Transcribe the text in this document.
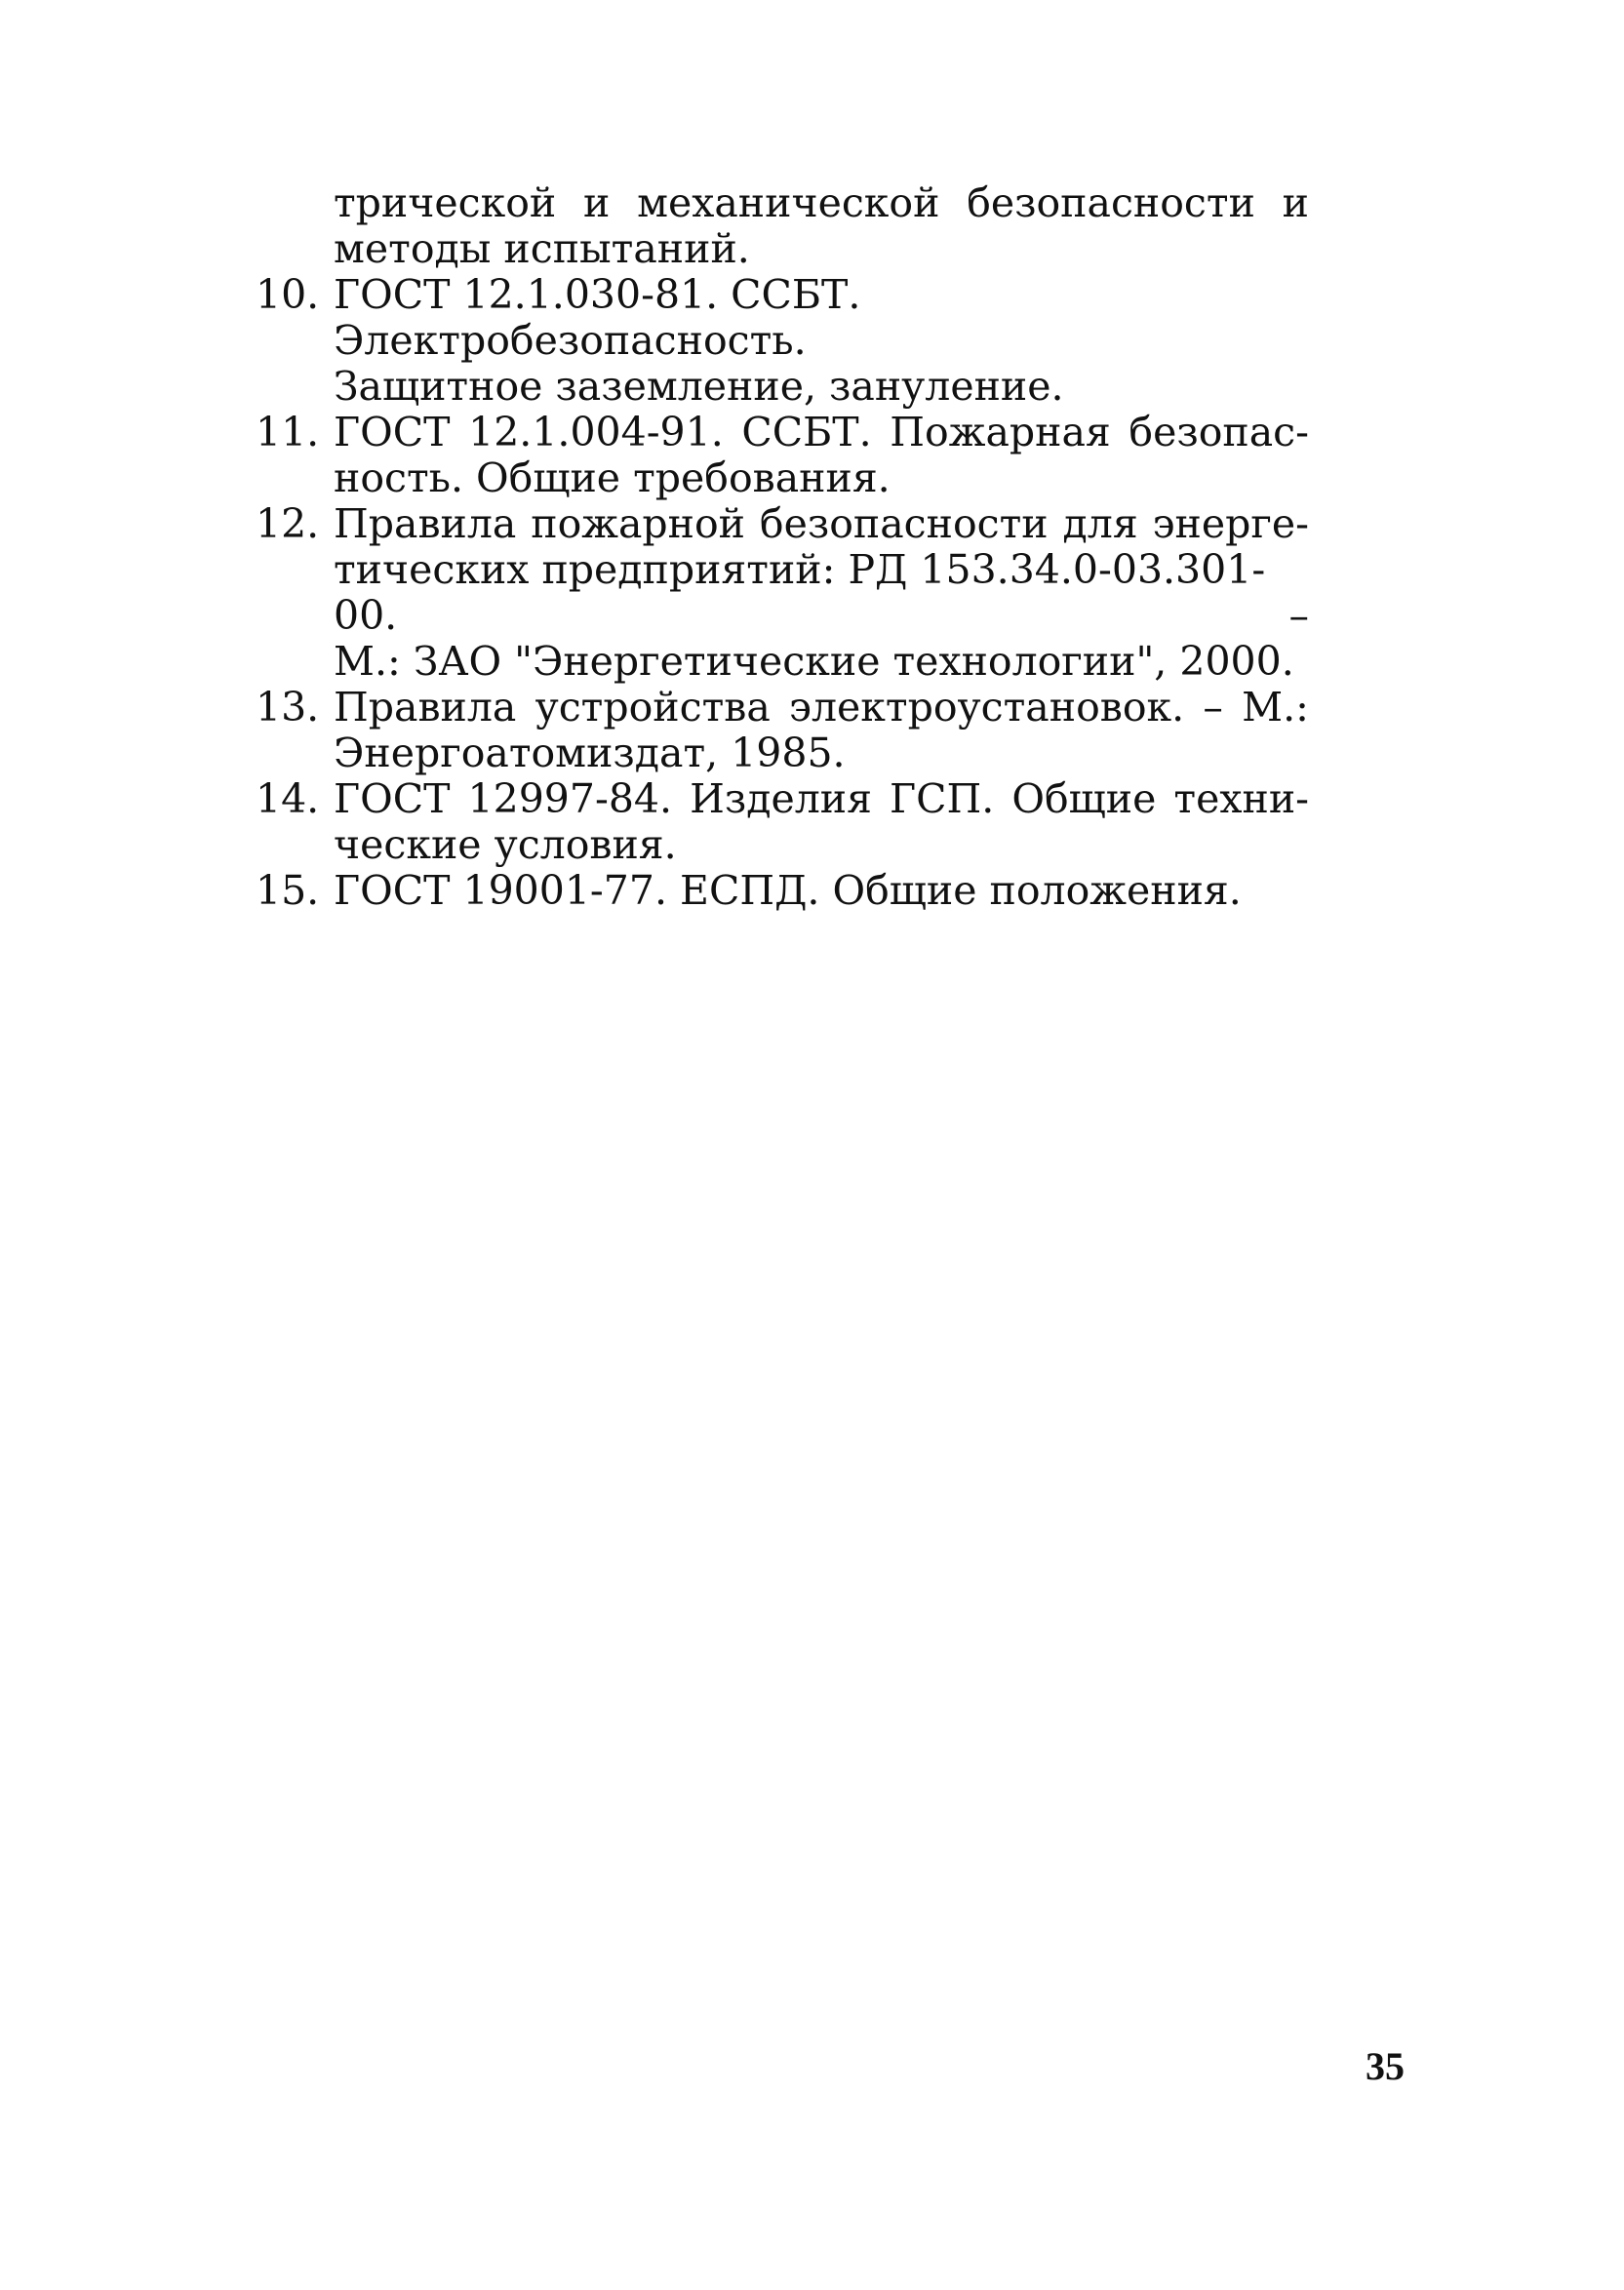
трической и механической безопасности и
методы испытаний.
10. ГОСТ 12.1.030-81. ССБТ. Электробезопасность.
Защитное заземление, зануление.
11. ГОСТ 12.1.004-91. ССБТ. Пожарная безопас-
ность. Общие требования.
12. Правила пожарной безопасности для энерге-
тических предприятий: РД 153.34.0-03.301-00. –
М.: ЗАО "Энергетические технологии", 2000.
13. Правила устройства электроустановок. – М.:
Энергоатомиздат, 1985.
14. ГОСТ 12997-84. Изделия ГСП. Общие техни-
ческие условия.
15. ГОСТ 19001-77. ЕСПД. Общие положения.
35
